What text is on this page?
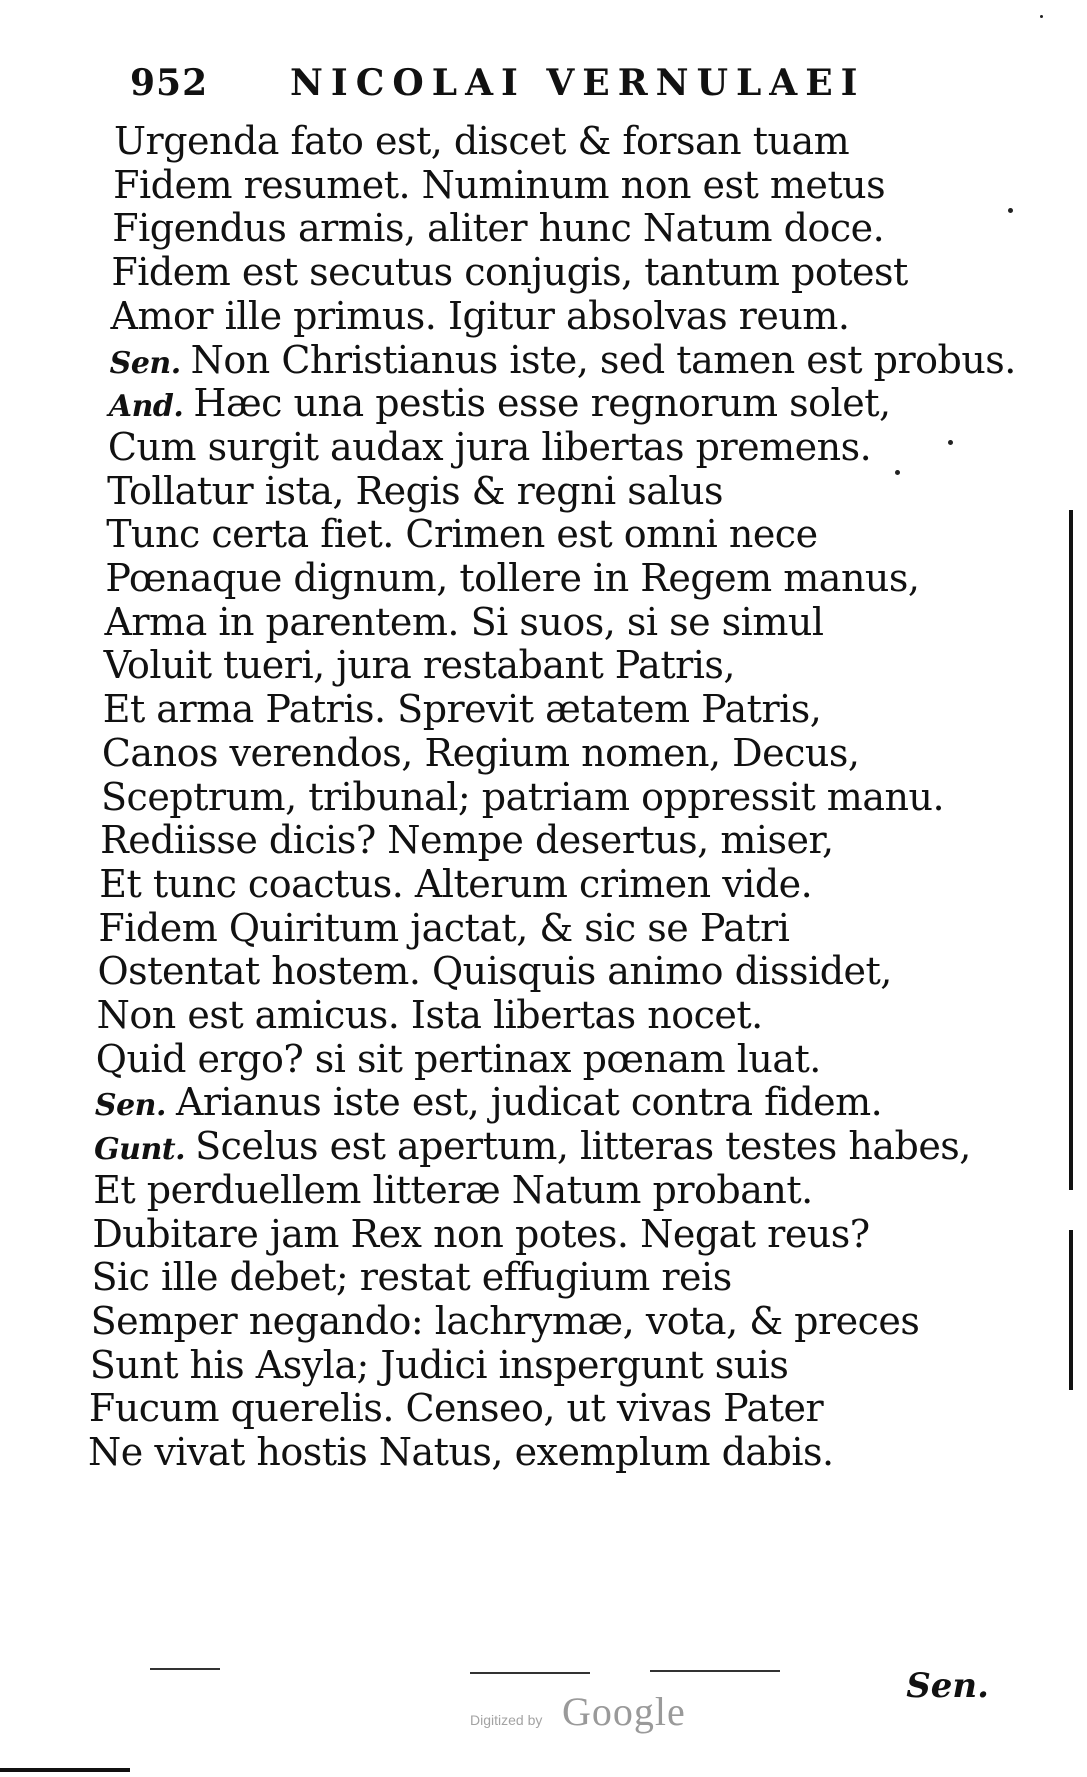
952 NICOLAI VERNULAEI
Urgenda fato est, discet & forsan tuam
Fidem resumet. Numinum non est metus
Figendus armis, aliter hunc Natum doce.
Fidem est secutus conjugis, tantum potest
Amor ille primus. Igitur absolvas reum.
Sen. Non Christianus iste, sed tamen est probus.
And. Hæc una pestis esse regnorum solet,
Cum surgit audax jura libertas premens.
Tollatur ista, Regis & regni salus
Tunc certa fiet. Crimen est omni nece
Pœnaque dignum, tollere in Regem manus,
Arma in parentem. Si suos, si se simul
Voluit tueri, jura restabant Patris,
Et arma Patris. Sprevit ætatem Patris,
Canos verendos, Regium nomen, Decus,
Sceptrum, tribunal; patriam oppressit manu.
Rediisse dicis? Nempe desertus, miser,
Et tunc coactus. Alterum crimen vide.
Fidem Quiritum jactat, & sic se Patri
Ostentat hostem. Quisquis animo dissidet,
Non est amicus. Ista libertas nocet.
Quid ergo? si sit pertinax pœnam luat.
Sen. Arianus iste est, judicat contra fidem.
Gunt. Scelus est apertum, litteras testes habes,
Et perduellem litteræ Natum probant.
Dubitare jam Rex non potes. Negat reus?
Sic ille debet; restat effugium reis
Semper negando: lachrymæ, vota, & preces
Sunt his Asyla; Judici inspergunt suis
Fucum querelis. Censeo, ut vivas Pater
Ne vivat hostis Natus, exemplum dabis.
Sen.
Digitized by Google
